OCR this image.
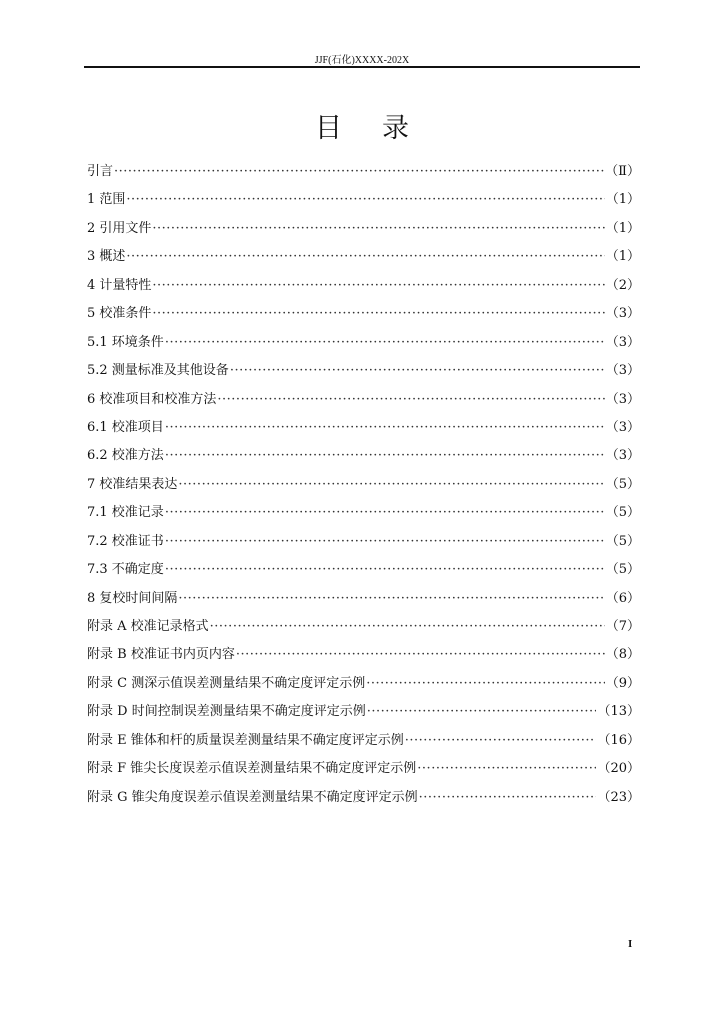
JJF(石化)XXXX-202X
目录
引言 ·····	（Ⅱ）
1 范围 ·····	（1）
2 引用文件 ·····	（1）
3 概述 ·····	（1）
4 计量特性 ·····	（2）
5 校准条件 ·····	（3）
5.1 环境条件 ·····	（3）
5.2 测量标准及其他设备 ·····	（3）
6 校准项目和校准方法 ·····	（3）
6.1 校准项目 ·····	（3）
6.2 校准方法 ·····	（3）
7 校准结果表达 ·····	（5）
7.1 校准记录 ·····	（5）
7.2 校准证书 ·····	（5）
7.3 不确定度 ·····	（5）
8 复校时间间隔 ·····	（6）
附录 A 校准记录格式 ·····	（7）
附录 B 校准证书内页内容 ·····	（8）
附录 C 测深示值误差测量结果不确定度评定示例 ·····	（9）
附录 D 时间控制误差测量结果不确定度评定示例 ·····	（13）
附录 E 锥体和杆的质量误差测量结果不确定度评定示例 ·····	（16）
附录 F 锥尖长度误差示值误差测量结果不确定度评定示例 ·····	（20）
附录 G 锥尖角度误差示值误差测量结果不确定度评定示例 ·····	（23）
I
